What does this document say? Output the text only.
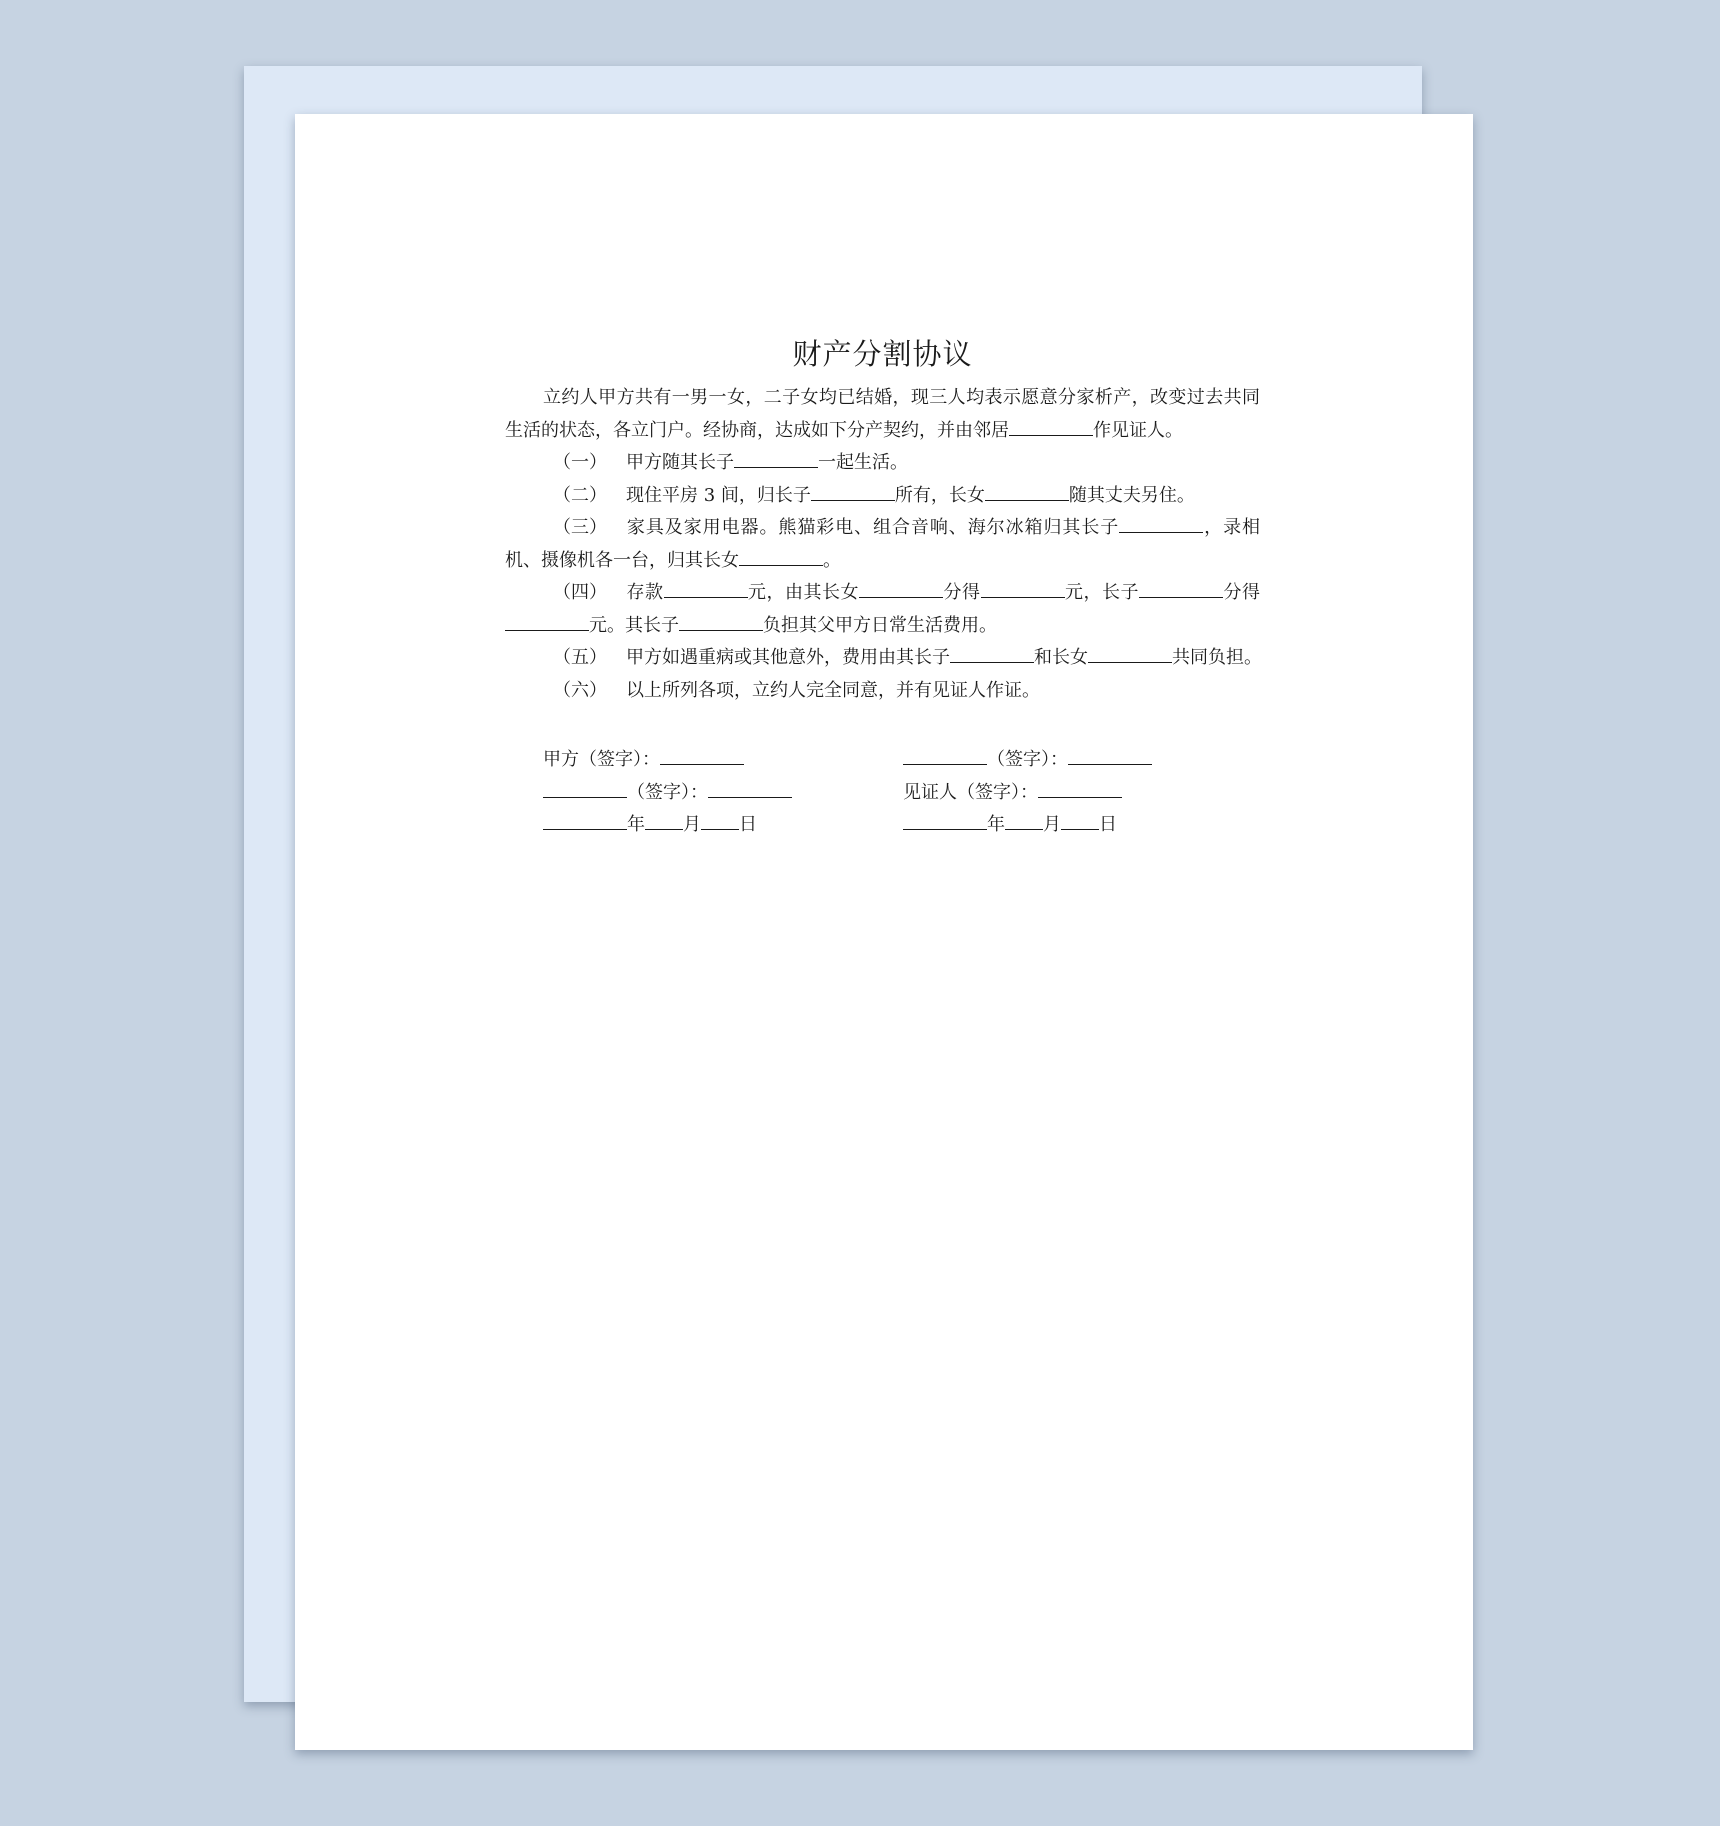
财产分割协议

立约人甲方共有一男一女，二子女均已结婚，现三人均表示愿意分家析产，改变过去共同生活的状态，各立门户。经协商，达成如下分产契约，并由邻居	作见证人。

（一） 甲方随其长子	一起生活。

（二） 现住平房 3 间，归长子	所有，长女	随其丈夫另住。

（三） 家具及家用电器。熊猫彩电、组合音响、海尔冰箱归其长子	，录相机、摄像机各一台，归其长女	。

（四） 存款	元，由其长女	分得	元，长子	分得元。其长子	负担其父甲方日常生活费用。

（五） 甲方如遇重病或其他意外，费用由其长子	和长女	共同负担。

（六） 以上所列各项，立约人完全同意，并有见证人作证。

甲方（签字）：	（签字）：
（签字）：	见证人（签字）：
年 月 日	年 月 日
